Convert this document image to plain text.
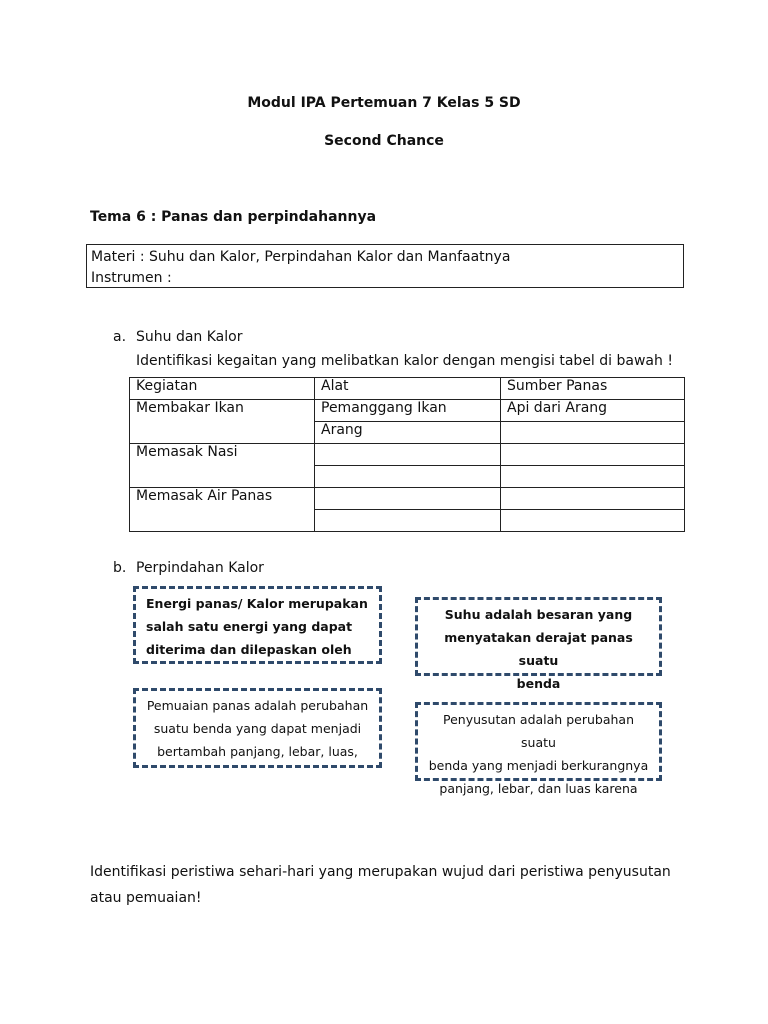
Modul IPA Pertemuan 7 Kelas 5 SD
Second Chance
Tema 6 : Panas dan perpindahannya
Materi : Suhu dan Kalor, Perpindahan Kalor dan Manfaatnya
Instrumen :
a. Suhu dan Kalor
Identifikasi kegaitan yang melibatkan kalor dengan mengisi tabel di bawah !
Kegiatan	Alat	Sumber Panas
Membakar Ikan	Pemanggang Ikan	Api dari Arang
	Arang	
Memasak Nasi		

Memasak Air Panas		

b. Perpindahan Kalor
Energi panas/ Kalor merupakan
salah satu energi yang dapat
diterima dan dilepaskan oleh
Suhu adalah besaran yang
menyatakan derajat panas suatu
benda
Pemuaian panas adalah perubahan
suatu benda yang dapat menjadi
bertambah panjang, lebar, luas,
Penyusutan adalah perubahan suatu
benda yang menjadi berkurangnya
panjang, lebar, dan luas karena
Identifikasi peristiwa sehari-hari yang merupakan wujud dari peristiwa penyusutan
atau pemuaian!
